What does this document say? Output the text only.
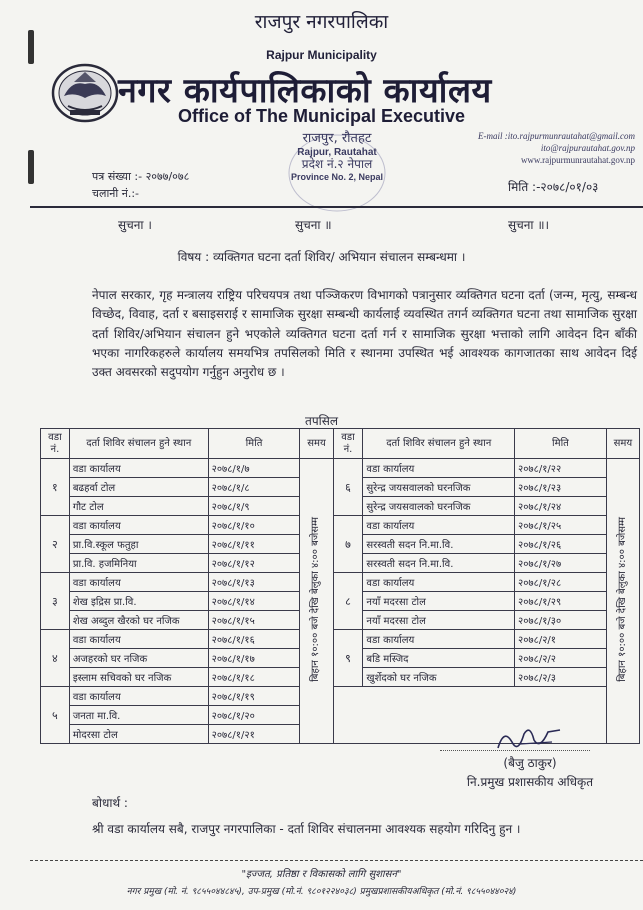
राजपुर नगरपालिका
Rajpur Municipality
नगर कार्यपालिकाको कार्यालय
Office of The Municipal Executive
राजपुर, रौतहट
Rajpur, Rautahat
प्रदेश नं.२ नेपाल
Province No. 2, Nepal
E-mail :ito.rajpurmunrautahat@gmail.com
ito@rajpurautahat.gov.np
www.rajpurmunrautahat.gov.np
पत्र संख्या :- २०७७/०७८
चलानी नं.:-	मिति :-२०७८/०१/०३
सुचना ।	सुचना ॥	सुचना ॥।
विषय : व्यक्तिगत घटना दर्ता शिविर/ अभियान संचालन सम्बन्धमा ।
नेपाल सरकार, गृह मन्त्रालय राष्ट्रिय परिचयपत्र तथा पञ्जिकरण विभागको पत्रानुसार व्यक्तिगत घटना दर्ता (जन्म, मृत्यु, सम्बन्ध विच्छेद, विवाह, दर्ता र बसाइसराई र सामाजिक सुरक्षा सम्बन्धी कार्यलाई व्यवस्थित तगर्न व्यक्तिगत घटना तथा सामाजिक सुरक्षा दर्ता शिविर/अभियान संचालन हुने भएकोले व्यक्तिगत घटना दर्ता गर्न र सामाजिक सुरक्षा भत्ताको लागि आवेदन दिन बाँकी भएका नागरिकहरुले कार्यालय समयभित्र तपसिलको मिति र स्थानमा उपस्थित भई आवश्यक कागजातका साथ आवेदन दिई उक्त अवसरको सदुपयोग गर्नुहुन अनुरोध छ ।
तपसिल
वडा नं.	दर्ता शिविर संचालन हुने स्थान	मिति	समय	वडा नं.	दर्ता शिविर संचालन हुने स्थान	मिति	समय
१	वडा कार्यालय	२०७८/१/७	बिहान १०:०० बजे देखि बेलुका ४:०० बजेसम्म	६	वडा कार्यालय	२०७८/१/२२	बिहान १०:०० बजे देखि बेलुका ४:०० बजेसम्म
	बढहर्वा टोल	२०७८/१/८			सुरेन्द्र जयसवालको घरनजिक	२०७८/१/२३	
	गौट टोल	२०७८/१/९			सुरेन्द्र जयसवालको घरनजिक	२०७८/१/२४	
२	वडा कार्यालय	२०७८/१/१०		७	वडा कार्यालय	२०७८/१/२५	
	प्रा.वि.स्कूल फतुहा	२०७८/१/११			सरस्वती सदन नि.मा.वि.	२०७८/१/२६	
	प्रा.वि. हजमिनिया	२०७८/१/१२			सरस्वती सदन नि.मा.वि.	२०७८/१/२७	
३	वडा कार्यालय	२०७८/१/१३		८	वडा कार्यालय	२०७८/१/२८	
	शेख इद्रिस प्रा.वि.	२०७८/१/१४			नयाँ मदरसा टोल	२०७८/१/२९	
	शेख अब्दुल खैरको घर नजिक	२०७८/१/१५			नयाँ मदरसा टोल	२०७८/१/३०	
४	वडा कार्यालय	२०७८/१/१६		९	वडा कार्यालय	२०७८/२/१	
	अजहरको घर नजिक	२०७८/१/१७			बडि मस्जिद	२०७८/२/२	
	इस्लाम सचिवको घर नजिक	२०७८/१/१८			खुर्शेदको घर नजिक	२०७८/२/३	
५	वडा कार्यालय	२०७८/१/१९					
	जनता मा.वि.	२०७८/१/२०					
	मोदरसा टोल	२०७८/१/२१					
(बैजु ठाकुर)
नि.प्रमुख प्रशासकीय अधिकृत
बोधार्थ :
श्री वडा कार्यालय सबै, राजपुर नगरपालिका - दर्ता शिविर संचालनमा आवश्यक सहयोग गरिदिनु हुन ।
"इज्जत, प्रतिष्ठा र विकासको लागि सुशासन"
नगर प्रमुख (मो. नं. ९८५५०४४८४५), उप-प्रमुख (मो.नं. ९८०१२२४०३८) प्रमुखप्रशासकीयअधिकृत (मो.नं. ९८५५०४४०२४)
